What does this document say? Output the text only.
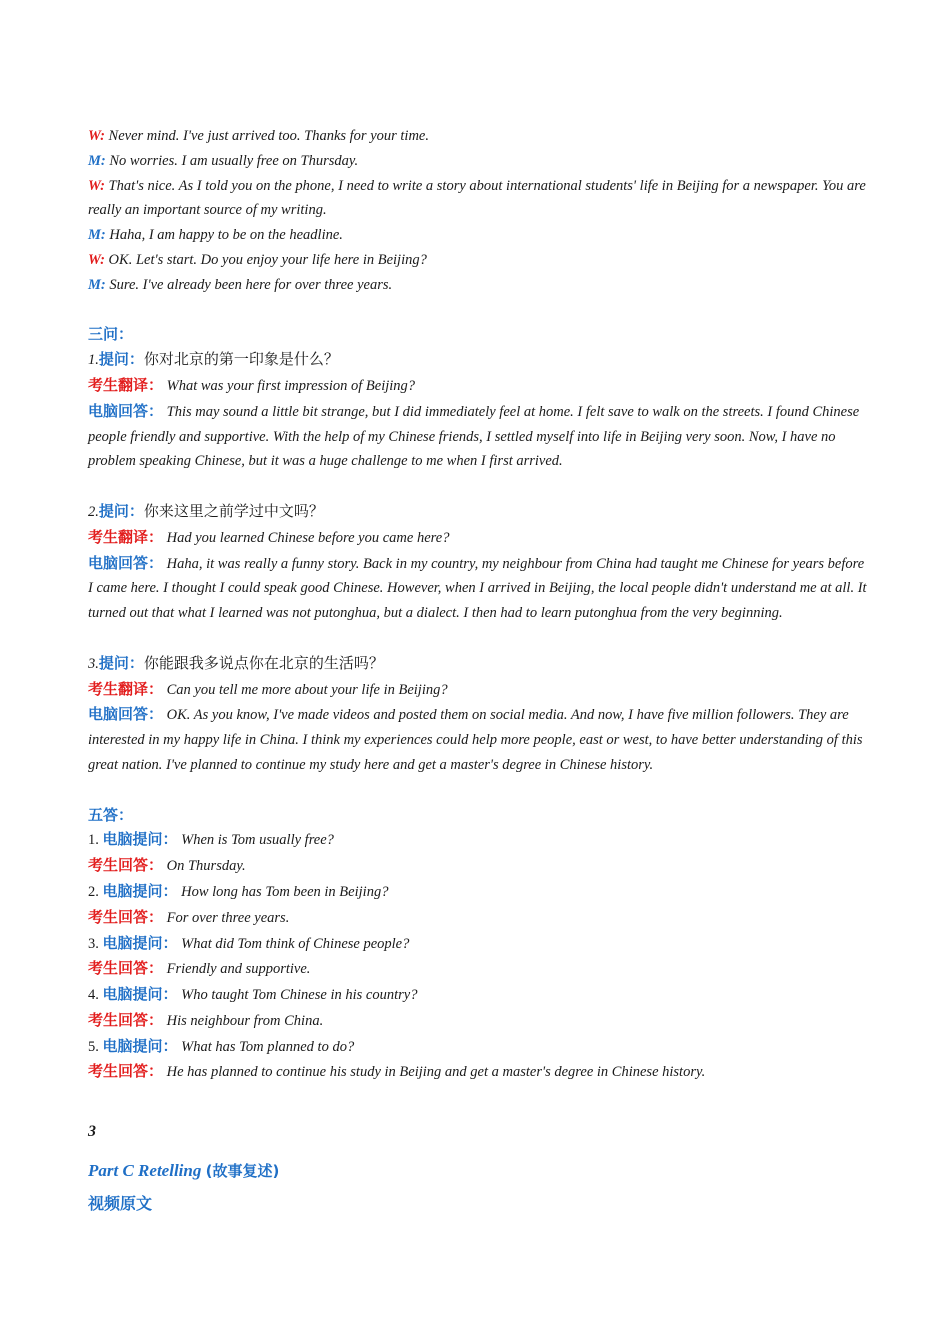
W: Never mind. I've just arrived too. Thanks for your time.
M: No worries. I am usually free on Thursday.
W: That's nice. As I told you on the phone, I need to write a story about international students' life in Beijing for a newspaper. You are really an important source of my writing.
M: Haha, I am happy to be on the headline.
W: OK. Let's start. Do you enjoy your life here in Beijing?
M: Sure. I've already been here for over three years.
三问：
1.提问：你对北京的第一印象是什么？
考生翻译： What was your first impression of Beijing?
电脑回答： This may sound a little bit strange, but I did immediately feel at home. I felt save to walk on the streets. I found Chinese people friendly and supportive. With the help of my Chinese friends, I settled myself into life in Beijing very soon. Now, I have no problem speaking Chinese, but it was a huge challenge to me when I first arrived.
2.提问：你来这里之前学过中文吗？
考生翻译： Had you learned Chinese before you came here?
电脑回答： Haha, it was really a funny story. Back in my country, my neighbour from China had taught me Chinese for years before I came here. I thought I could speak good Chinese. However, when I arrived in Beijing, the local people didn't understand me at all. It turned out that what I learned was not putonghua, but a dialect. I then had to learn putonghua from the very beginning.
3.提问：你能跟我多说点你在北京的生活吗？
考生翻译： Can you tell me more about your life in Beijing?
电脑回答： OK. As you know, I've made videos and posted them on social media. And now, I have five million followers. They are interested in my happy life in China. I think my experiences could help more people, east or west, to have better understanding of this great nation. I've planned to continue my study here and get a master's degree in Chinese history.
五答：
1. 电脑提问： When is Tom usually free?
考生回答： On Thursday.
2. 电脑提问： How long has Tom been in Beijing?
考生回答： For over three years.
3. 电脑提问： What did Tom think of Chinese people?
考生回答： Friendly and supportive.
4. 电脑提问： Who taught Tom Chinese in his country?
考生回答： His neighbour from China.
5. 电脑提问： What has Tom planned to do?
考生回答： He has planned to continue his study in Beijing and get a master's degree in Chinese history.
3
Part C Retelling (故事复述)
视频原文
